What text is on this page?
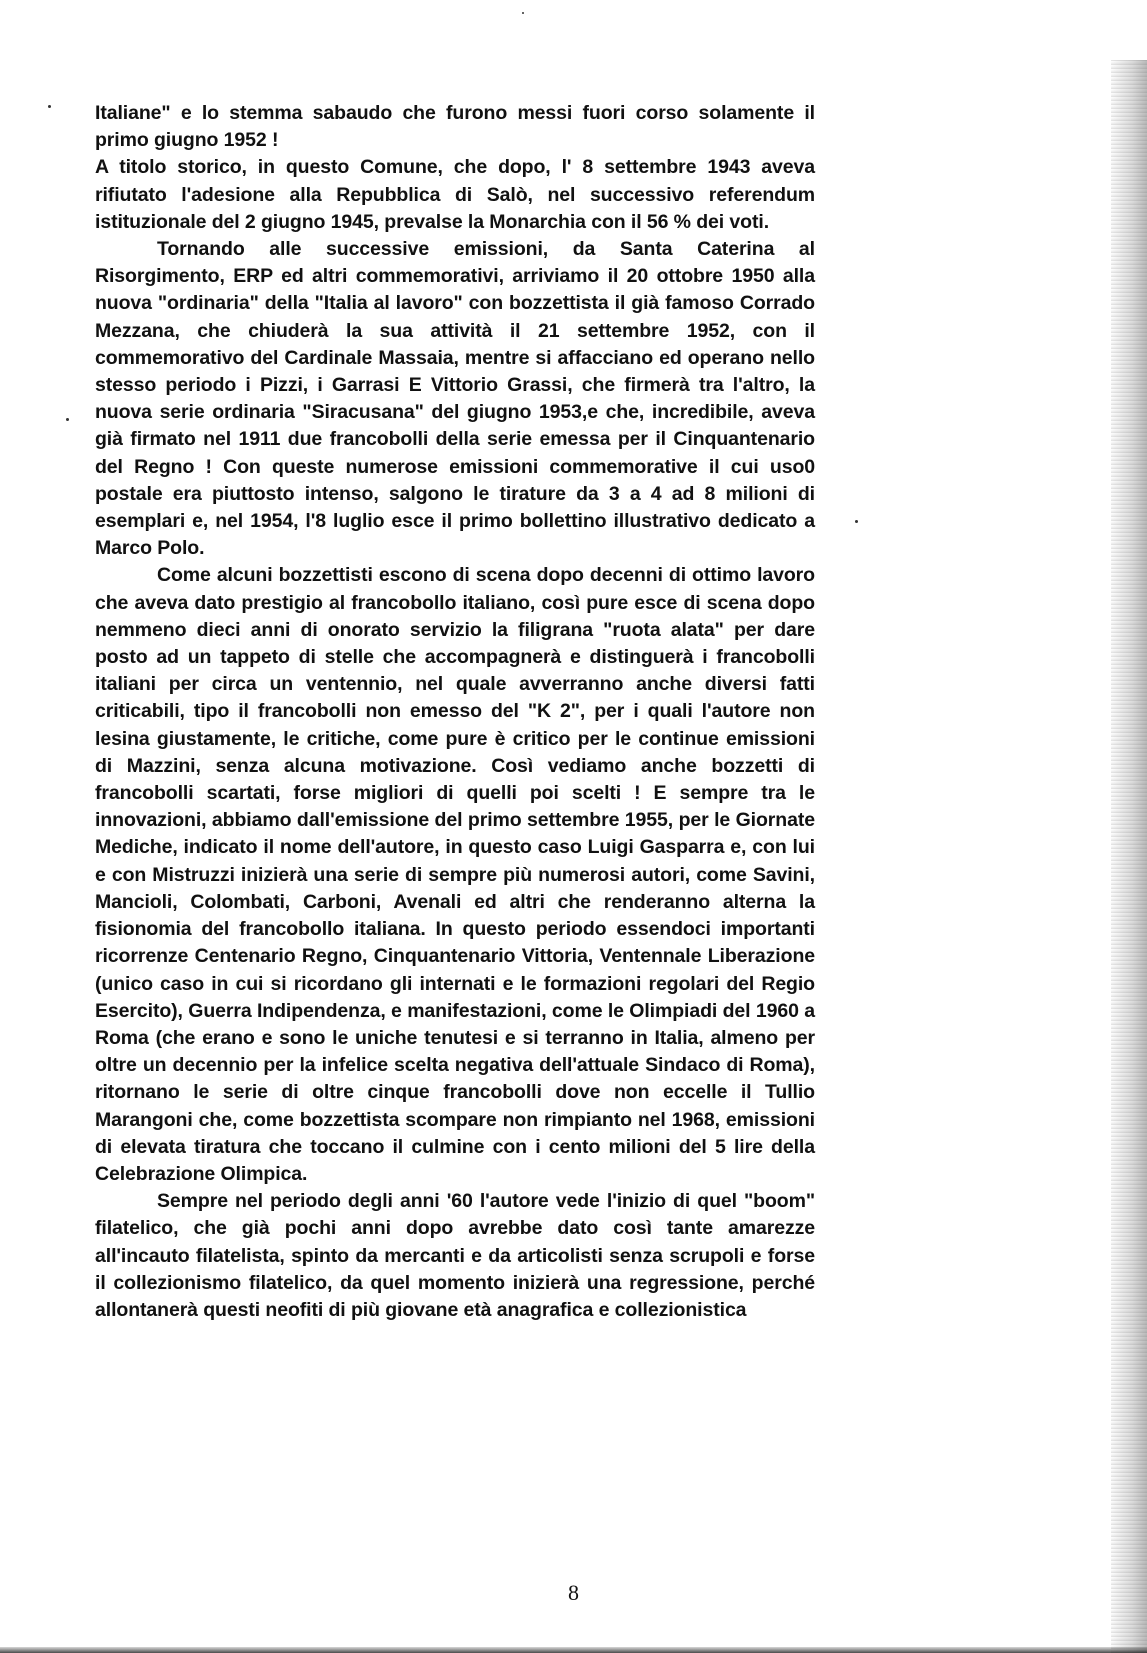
Italiane" e lo stemma sabaudo che furono messi fuori corso solamente il primo giugno 1952 !

A titolo storico, in questo Comune, che dopo, l' 8 settembre 1943 aveva rifiutato l'adesione alla Repubblica di Salò, nel successivo referendum istituzionale del 2 giugno 1945, prevalse la Monarchia con il 56 % dei voti.

Tornando alle successive emissioni, da Santa Caterina al Risorgimento, ERP ed altri commemorativi, arriviamo il 20 ottobre 1950 alla nuova "ordinaria" della "Italia al lavoro" con bozzettista il già famoso Corrado Mezzana, che chiuderà la sua attività il 21 settembre 1952, con il commemorativo del Cardinale Massaia, mentre si affacciano ed operano nello stesso periodo i Pizzi, i Garrasi E Vittorio Grassi, che firmerà tra l'altro, la nuova serie ordinaria "Siracusana" del giugno 1953,e che, incredibile, aveva già firmato nel 1911 due francobolli della serie emessa per il Cinquantenario del Regno ! Con queste numerose emissioni commemorative il cui uso0 postale era piuttosto intenso, salgono le tirature da 3 a 4 ad 8 milioni di esemplari e, nel 1954, l'8 luglio esce il primo bollettino illustrativo dedicato a Marco Polo.

Come alcuni bozzettisti escono di scena dopo decenni di ottimo lavoro che aveva dato prestigio al francobollo italiano, così pure esce di scena dopo nemmeno dieci anni di onorato servizio la filigrana "ruota alata" per dare posto ad un tappeto di stelle che accompagnerà e distinguerà i francobolli italiani per circa un ventennio, nel quale avverranno anche diversi fatti criticabili, tipo il francobolli non emesso del "K 2", per i quali l'autore non lesina giustamente, le critiche, come pure è critico per le continue emissioni di Mazzini, senza alcuna motivazione. Così vediamo anche bozzetti di francobolli scartati, forse migliori di quelli poi scelti ! E sempre tra le innovazioni, abbiamo dall'emissione del primo settembre 1955, per le Giornate Mediche, indicato il nome dell'autore, in questo caso Luigi Gasparra e, con lui e con Mistruzzi inizierà una serie di sempre più numerosi autori, come Savini, Mancioli, Colombati, Carboni, Avenali ed altri che renderanno alterna la fisionomia del francobollo italiana. In questo periodo essendoci importanti ricorrenze Centenario Regno, Cinquantenario Vittoria, Ventennale Liberazione (unico caso in cui si ricordano gli internati e le formazioni regolari del Regio Esercito), Guerra Indipendenza, e manifestazioni, come le Olimpiadi del 1960 a Roma (che erano e sono le uniche tenutesi e si terranno in Italia, almeno per oltre un decennio per la infelice scelta negativa dell'attuale Sindaco di Roma), ritornano le serie di oltre cinque francobolli dove non eccelle il Tullio Marangoni che, come bozzettista scompare non rimpianto nel 1968, emissioni di elevata tiratura che toccano il culmine con i cento milioni del 5 lire della Celebrazione Olimpica.

Sempre nel periodo degli anni '60 l'autore vede l'inizio di quel "boom" filatelico, che già pochi anni dopo avrebbe dato così tante amarezze all'incauto filatelista, spinto da mercanti e da articolisti senza scrupoli e forse il collezionismo filatelico, da quel momento inizierà una regressione, perché allontanerà questi neofiti di più giovane età anagrafica e collezionistica

8
